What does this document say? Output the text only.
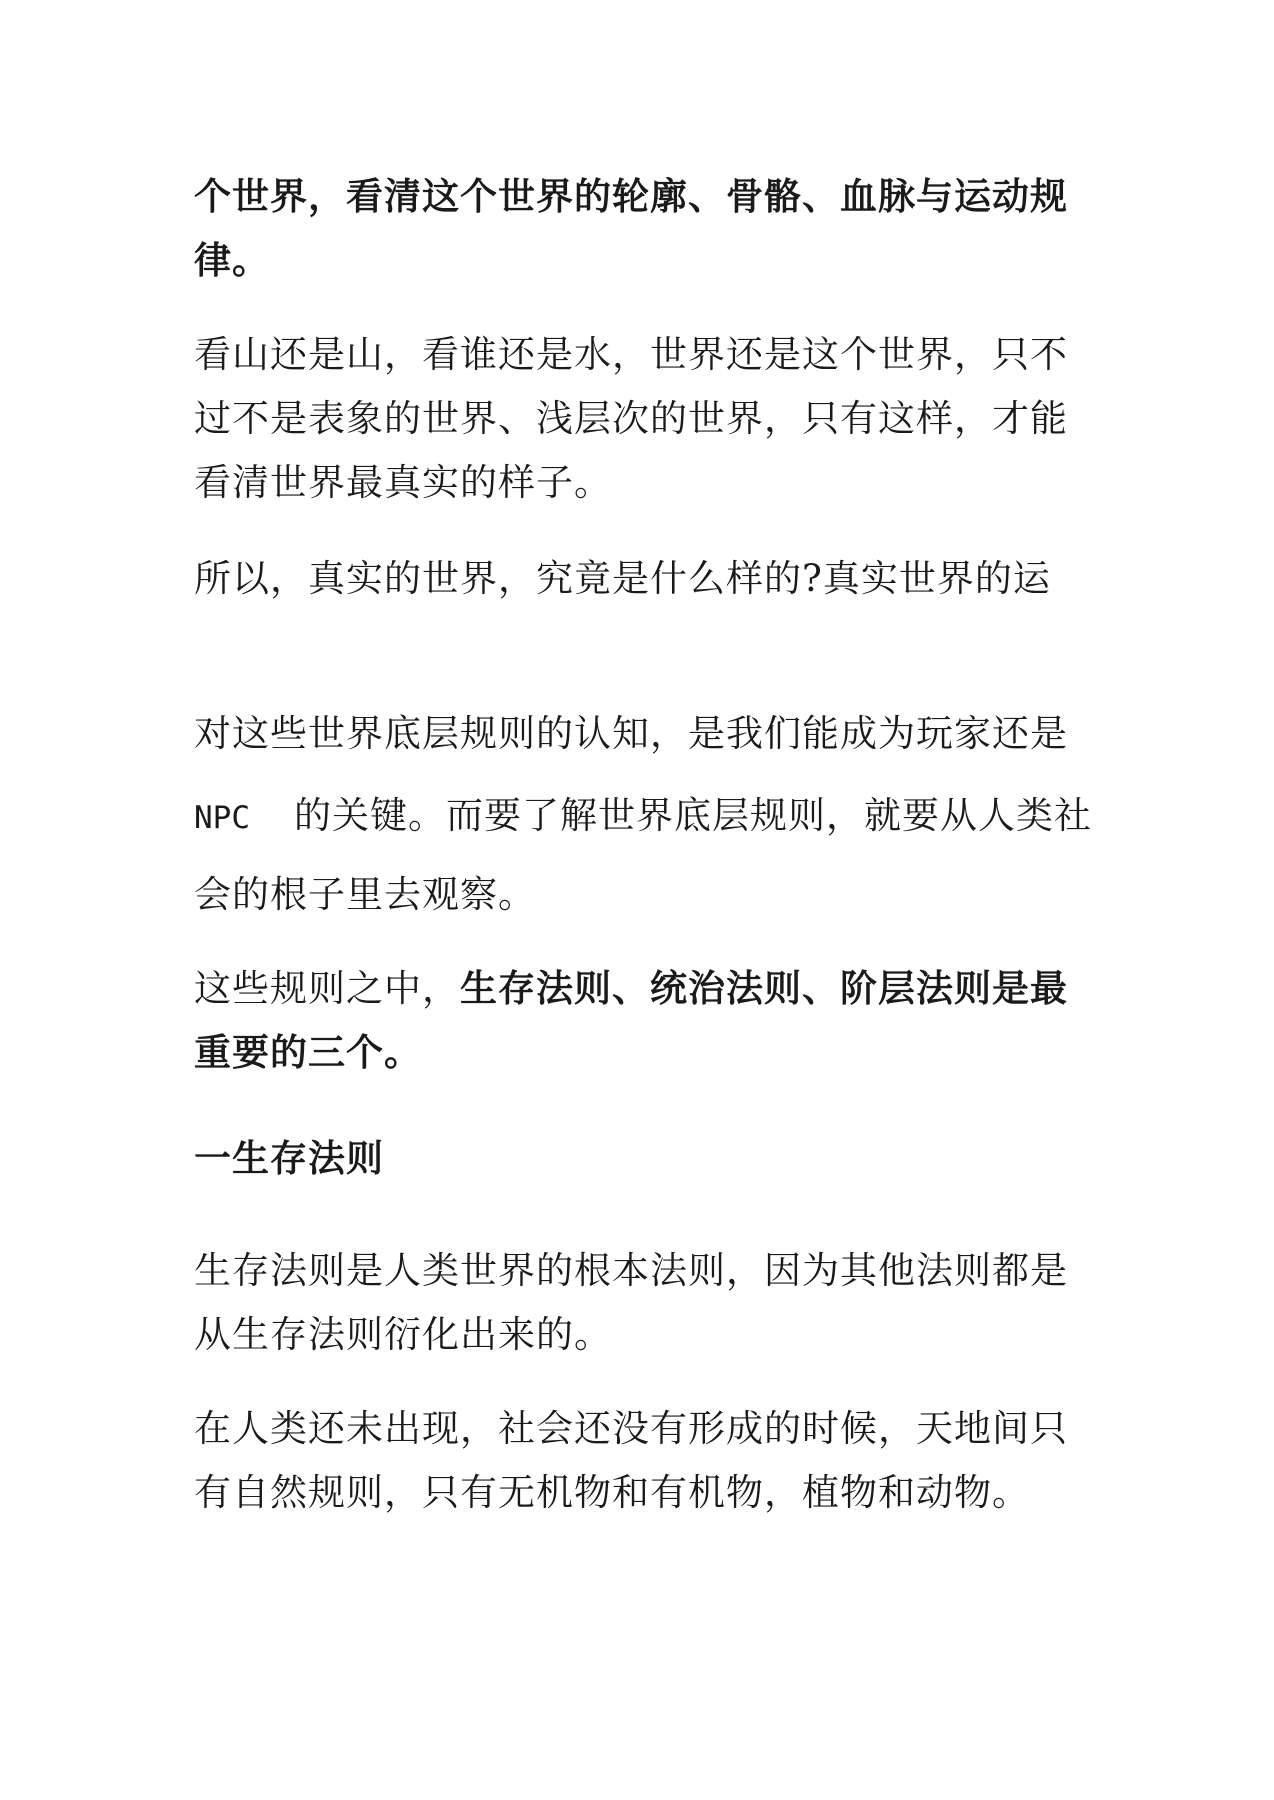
个世界，看清这个世界的轮廓、骨骼、血脉与运动规
律。
看山还是山，看谁还是水，世界还是这个世界，只不
过不是表象的世界、浅层次的世界，只有这样，才能
看清世界最真实的样子。
所以，真实的世界，究竟是什么样的?真实世界的运
对这些世界底层规则的认知，是我们能成为玩家还是
NPC 的关键。而要了解世界底层规则，就要从人类社
会的根子里去观察。
这些规则之中，生存法则、统治法则、阶层法则是最
重要的三个。
一生存法则
生存法则是人类世界的根本法则，因为其他法则都是
从生存法则衍化出来的。
在人类还未出现，社会还没有形成的时候，天地间只
有自然规则，只有无机物和有机物，植物和动物。
